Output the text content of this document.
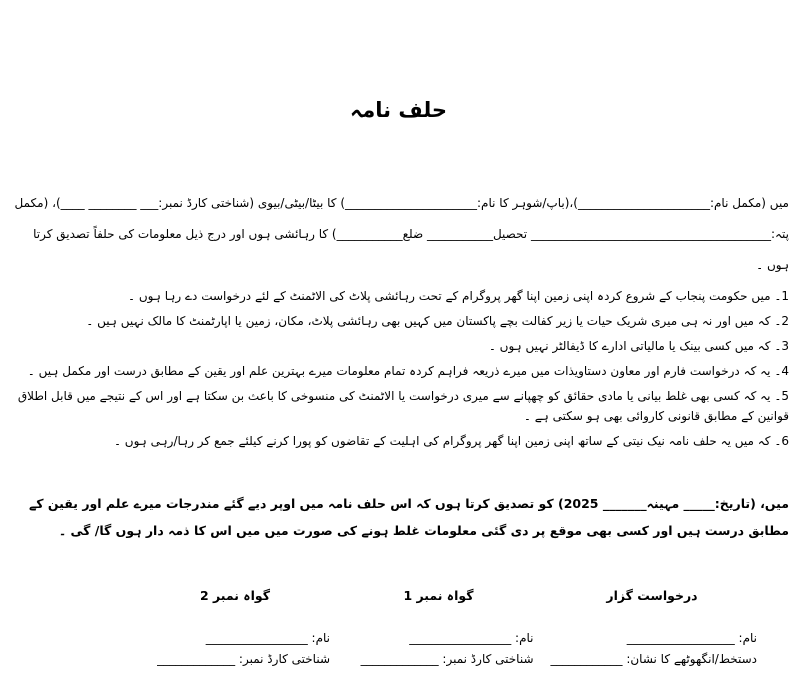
حلف نامہ
میں (مکمل نام:______________________)،(باپ/شوہر کا نام:______________________) کا بیٹا/بیٹی/بیوی (شناختی کارڈ نمبر:___ ________ ____)، (مکمل پتہ:________________________________________ تحصیل___________ ضلع___________) کا رہائشی ہوں اور درج ذیل معلومات کی حلفاً تصدیق کرتا ہوں ۔

1۔ میں حکومت پنجاب کے شروع کردہ اپنی زمین اپنا گھر پروگرام کے تحت رہائشی پلاٹ کی الاٹمنٹ کے لئے درخواست دے رہا ہوں ۔

2۔ کہ میں اور نہ ہی میری شریک حیات یا زیر کفالت بچے پاکستان میں کہیں بھی رہائشی پلاٹ، مکان، زمین یا اپارٹمنٹ کا مالک نہیں ہیں ۔

3۔ کہ میں کسی بینک یا مالیاتی ادارے کا ڈیفالٹر نہیں ہوں ۔

4۔ یہ کہ درخواست فارم اور معاون دستاویذات میں میرے ذریعہ فراہم کردہ تمام معلومات میرے بہترین علم اور یقین کے مطابق درست اور مکمل ہیں ۔

5۔ یہ کہ کسی بھی غلط بیانی یا مادی حقائق کو چھپانے سے میری درخواست یا الاٹمنٹ کی منسوخی کا باعث بن سکتا ہے اور اس کے نتیجے میں قابل اطلاق قوانین کے مطابق قانونی کاروائی بھی ہو سکتی ہے ۔

6۔ کہ میں یہ حلف نامہ نیک نیتی کے ساتھ اپنی زمین اپنا گھر پروگرام کی اہلیت کے تقاضوں کو پورا کرنے کیلئے جمع کر رہا/رہی ہوں ۔

میں، (تاریخ:_____ مہینہ_______ 2025) کو تصدیق کرتا ہوں کہ اس حلف نامہ میں اوپر دیے گئے مندرجات میرے علم اور یقین کے مطابق درست ہیں اور کسی بھی موقع پر دی گئی معلومات غلط ہونے کی صورت میں میں اس کا ذمہ دار ہوں گا/ گی ۔
درخواست گزار
نام: __________________
دستخط/انگھوٹھے کا نشان: ____________
گواہ نمبر 1
نام: _________________
شناختی کارڈ نمبر: _____________
گواہ نمبر 2
نام: _________________
شناختی کارڈ نمبر: _____________
